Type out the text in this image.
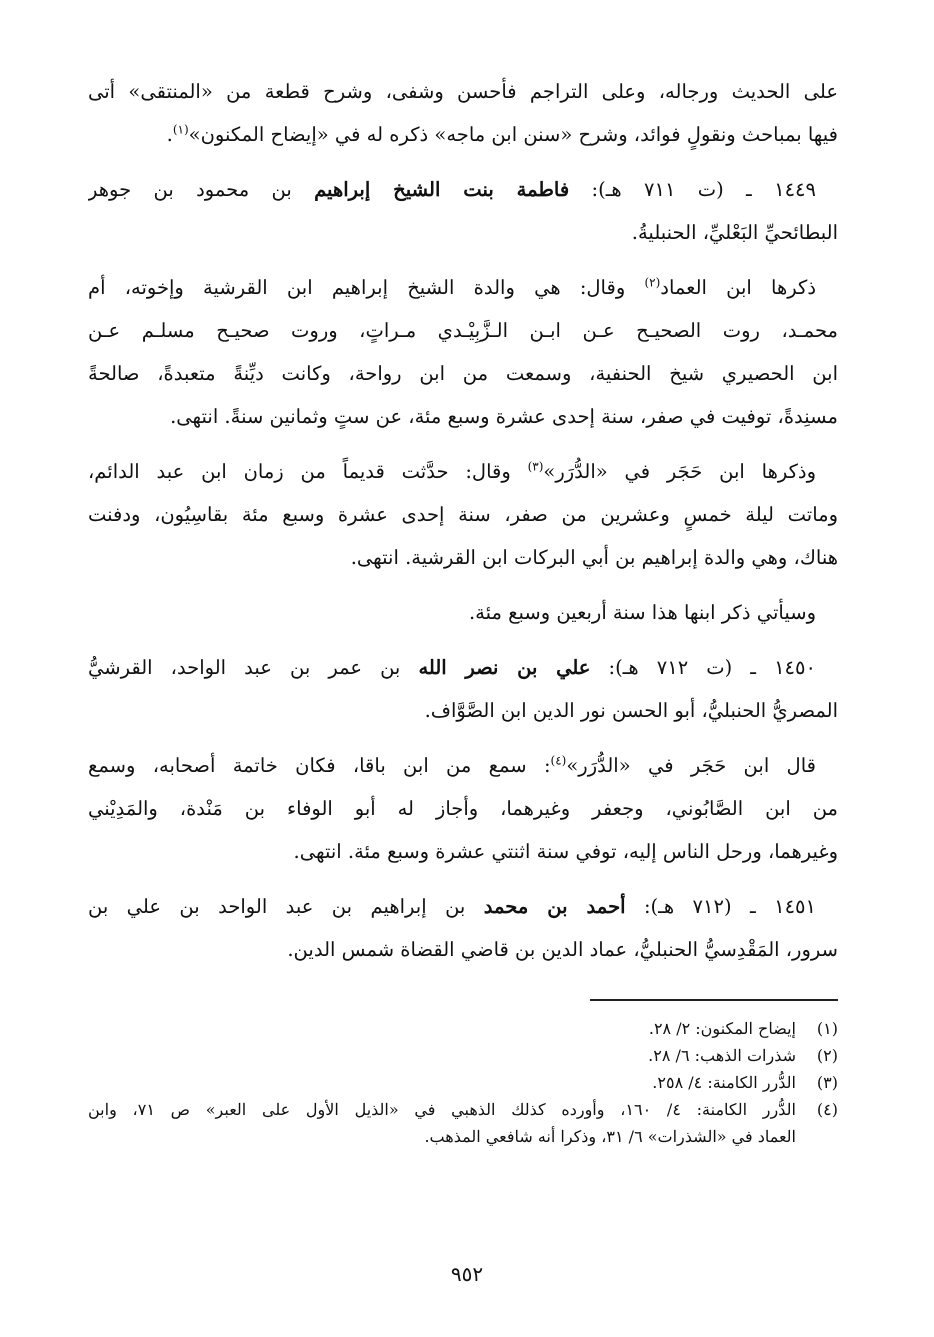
على الحديث ورجاله، وعلى التراجم فأحسن وشفى، وشرح قطعة من «المنتقى» أتى
فيها بمباحث ونقولٍ فوائد، وشرح «سنن ابن ماجه» ذكره له في «إيضاح المكنون»$^{(١)}$.
١٤٤٩ ـ (ت ٧١١ هـ): فاطمة بنت الشيخ إبراهيم بن محمود بن جوهر
البطائحيِّ البَعْليِّ، الحنبليةُ.
ذكرها ابن العماد$^{(٢)}$ وقال: هي والدة الشيخ إبراهيم ابن القرشية وإخوته، أم
محمـد، روت الصحيـح عـن ابـن الـزَّبِيْـدي مـراتٍ، وروت صحيـح مسلـم عـن
ابن الحصيري شيخ الحنفية، وسمعت من ابن رواحة، وكانت ديِّنةً متعبدةً، صالحةً
مسنِدةً، توفيت في صفر، سنة إحدى عشرة وسبع مئة، عن ستٍ وثمانين سنةً. انتهى.
وذكرها ابن حَجَر في «الدُّرَر»$^{(٣)}$ وقال: حدَّثت قديماً من زمان ابن عبد الدائم،
وماتت ليلة خمسٍ وعشرين من صفر، سنة إحدى عشرة وسبع مئة بقاسِيُون، ودفنت
هناك، وهي والدة إبراهيم بن أبي البركات ابن القرشية. انتهى.
وسيأتي ذكر ابنها هذا سنة أربعين وسبع مئة.
١٤٥٠ ـ (ت ٧١٢ هـ): علي بن نصر الله بن عمر بن عبد الواحد، القرشيُّ
المصريُّ الحنبليُّ، أبو الحسن نور الدين ابن الصَّوَّاف.
قال ابن حَجَر في «الدُّرَر»$^{(٤)}$: سمع من ابن باقا، فكان خاتمة أصحابه، وسمع
من ابن الصَّابُوني، وجعفر وغيرهما، وأجاز له أبو الوفاء بن مَنْدة، والمَدِيْني
وغيرهما، ورحل الناس إليه، توفي سنة اثنتي عشرة وسبع مئة. انتهى.
١٤٥١ ـ (٧١٢ هـ): أحمد بن محمد بن إبراهيم بن عبد الواحد بن علي بن
سرور، المَقْدِسيُّ الحنبليُّ، عماد الدين بن قاضي القضاة شمس الدين.
(١)إيضاح المكنون: ٢/ ٢٨.
(٢)شذرات الذهب: ٦/ ٢٨.
(٣)الدُّرر الكامنة: ٤/ ٢٥٨.
(٤)الدُّرر الكامنة: ٤/ ١٦٠، وأورده كذلك الذهبي في «الذيل الأول على العبر» ص ٧١، وابن
العماد في «الشذرات» ٦/ ٣١، وذكرا أنه شافعي المذهب.
٩٥٢
